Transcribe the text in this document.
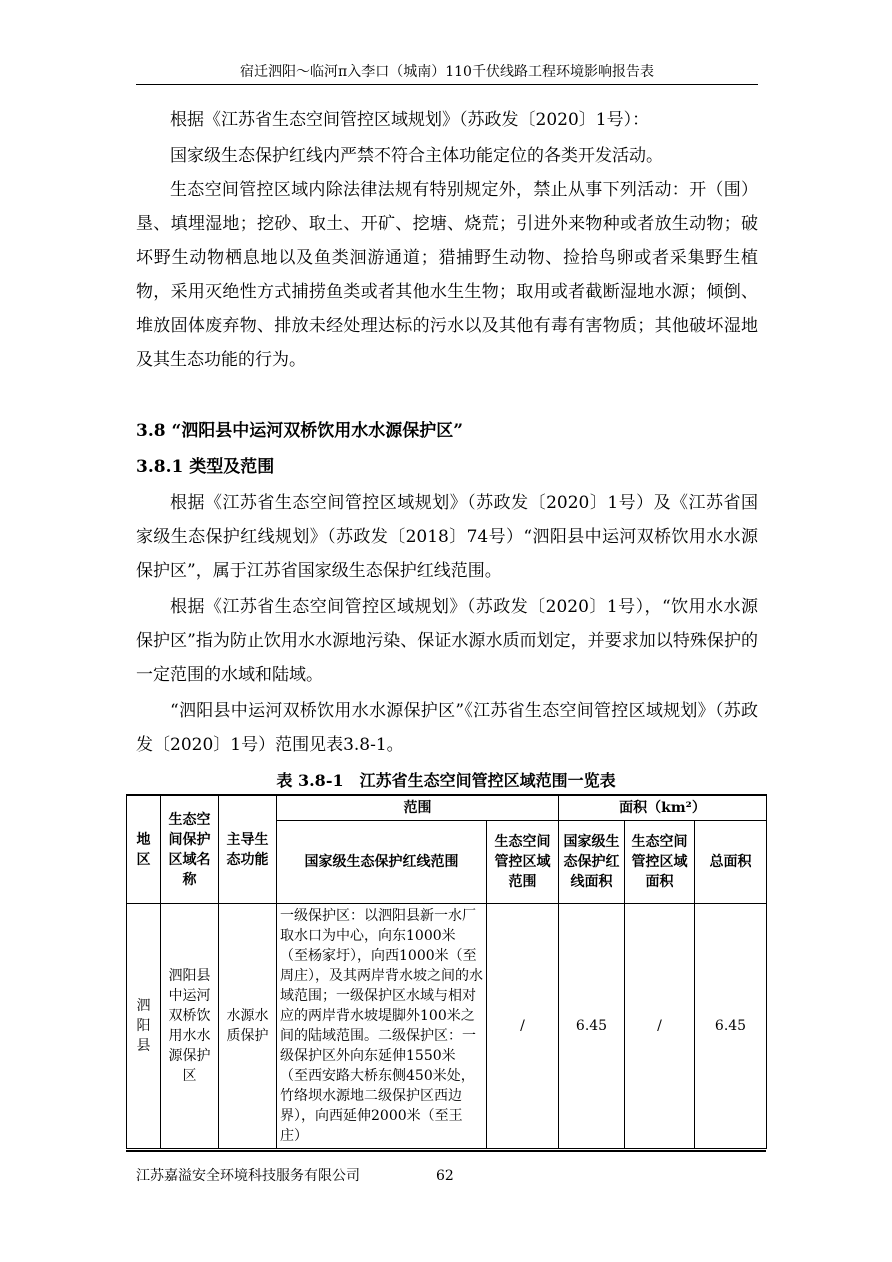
宿迁泗阳～临河π入李口（城南）110千伏线路工程环境影响报告表

根据《江苏省生态空间管控区域规划》（苏政发〔2020〕1号）：

国家级生态保护红线内严禁不符合主体功能定位的各类开发活动。

生态空间管控区域内除法律法规有特别规定外，禁止从事下列活动：开（围）垦、填埋湿地；挖砂、取土、开矿、挖塘、烧荒；引进外来物种或者放生动物；破坏野生动物栖息地以及鱼类洄游通道；猎捕野生动物、捡拾鸟卵或者采集野生植物，采用灭绝性方式捕捞鱼类或者其他水生生物；取用或者截断湿地水源；倾倒、堆放固体废弃物、排放未经处理达标的污水以及其他有毒有害物质；其他破坏湿地及其生态功能的行为。

3.8 “泗阳县中运河双桥饮用水水源保护区”
3.8.1 类型及范围

根据《江苏省生态空间管控区域规划》（苏政发〔2020〕1号）及《江苏省国家级生态保护红线规划》（苏政发〔2018〕74号）“泗阳县中运河双桥饮用水水源保护区”，属于江苏省国家级生态保护红线范围。

根据《江苏省生态空间管控区域规划》（苏政发〔2020〕1号），“饮用水水源保护区”指为防止饮用水水源地污染、保证水源水质而划定，并要求加以特殊保护的一定范围的水域和陆域。

“泗阳县中运河双桥饮用水水源保护区”《江苏省生态空间管控区域规划》（苏政发〔2020〕1号）范围见表3.8-1。

表 3.8-1　江苏省生态空间管控区域范围一览表
地区	生态空间保护区域名称	主导生态功能	范围		面积（km²）		
			国家级生态保护红线范围	生态空间管控区域范围	国家级生态保护红线面积	生态空间管控区域面积	总面积
泗阳县	泗阳县中运河双桥饮用水水源保护区	水源水质保护	一级保护区：以泗阳县新一水厂取水口为中心，向东1000米（至杨家圩），向西1000米（至周庄），及其两岸背水坡之间的水域范围；一级保护区水域与相对应的两岸背水坡堤脚外100米之间的陆域范围。二级保护区：一级保护区外向东延伸1550米（至西安路大桥东侧450米处，竹络坝水源地二级保护区西边界），向西延伸2000米（至王庄）	/	6.45	/	6.45
江苏嘉溢安全环境科技服务有限公司	62
